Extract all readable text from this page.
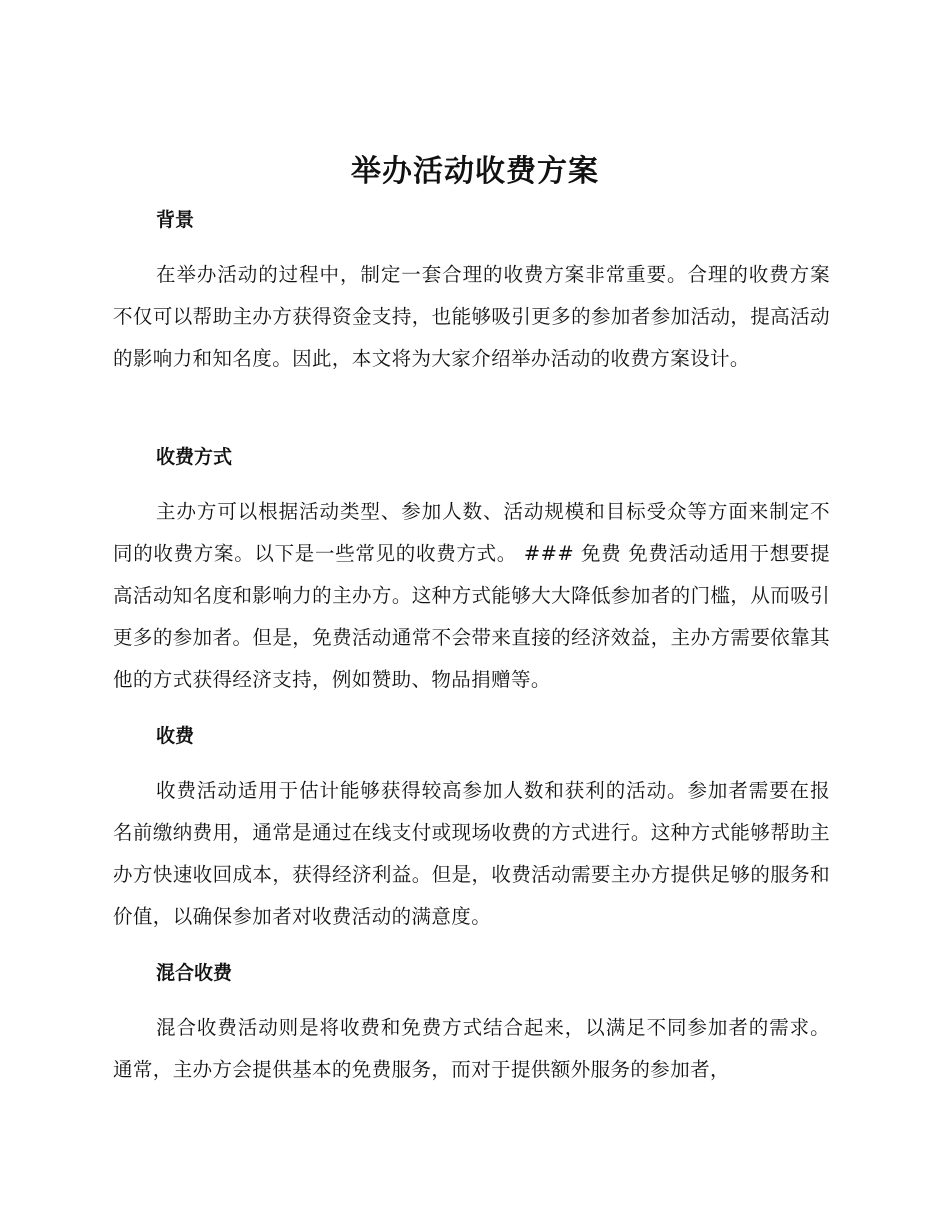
举办活动收费方案
背景

在举办活动的过程中，制定一套合理的收费方案非常重要。合理的收费方案不仅可以帮助主办方获得资金支持，也能够吸引更多的参加者参加活动，提高活动的影响力和知名度。因此，本文将为大家介绍举办活动的收费方案设计。

收费方式

主办方可以根据活动类型、参加人数、活动规模和目标受众等方面来制定不同的收费方案。以下是一些常见的收费方式。 ### 免费 免费活动适用于想要提高活动知名度和影响力的主办方。这种方式能够大大降低参加者的门槛，从而吸引更多的参加者。但是，免费活动通常不会带来直接的经济效益，主办方需要依靠其他的方式获得经济支持，例如赞助、物品捐赠等。

收费

收费活动适用于估计能够获得较高参加人数和获利的活动。参加者需要在报名前缴纳费用，通常是通过在线支付或现场收费的方式进行。这种方式能够帮助主办方快速收回成本，获得经济利益。但是，收费活动需要主办方提供足够的服务和价值，以确保参加者对收费活动的满意度。

混合收费

混合收费活动则是将收费和免费方式结合起来，以满足不同参加者的需求。通常，主办方会提供基本的免费服务，而对于提供额外服务的参加者，
